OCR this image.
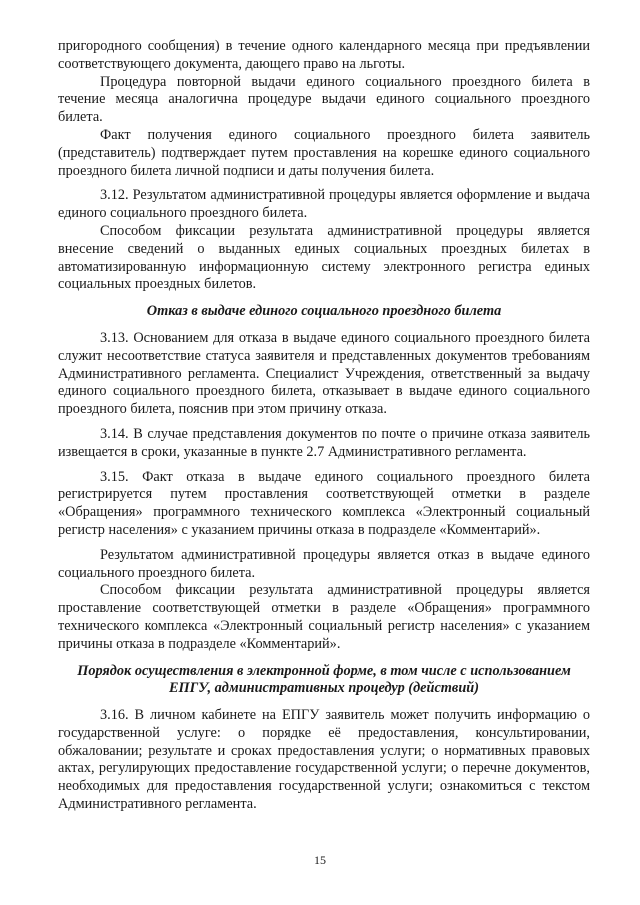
пригородного сообщения) в течение одного календарного месяца при предъявлении соответствующего документа, дающего право на льготы.

Процедура повторной выдачи единого социального проездного билета в течение месяца аналогична процедуре выдачи единого социального проездного билета.

Факт получения единого социального проездного билета заявитель (представитель) подтверждает путем проставления на корешке единого социального проездного билета личной подписи и даты получения билета.

3.12. Результатом административной процедуры является оформление и выдача единого социального проездного билета.

Способом фиксации результата административной процедуры является внесение сведений о выданных единых социальных проездных билетах в автоматизированную информационную систему электронного регистра единых социальных проездных билетов.

Отказ в выдаче единого социального проездного билета

3.13. Основанием для отказа в выдаче единого социального проездного билета служит несоответствие статуса заявителя и представленных документов требованиям Административного регламента. Специалист Учреждения, ответственный за выдачу единого социального проездного билета, отказывает в выдаче единого социального проездного билета, пояснив при этом причину отказа.

3.14. В случае представления документов по почте о причине отказа заявитель извещается в сроки, указанные в пункте 2.7 Административного регламента.

3.15. Факт отказа в выдаче единого социального проездного билета регистрируется путем проставления соответствующей отметки в разделе «Обращения» программного технического комплекса «Электронный социальный регистр населения» с указанием причины отказа в подразделе «Комментарий».

Результатом административной процедуры является отказ в выдаче единого социального проездного билета.

Способом фиксации результата административной процедуры является проставление соответствующей отметки в разделе «Обращения» программного технического комплекса «Электронный социальный регистр населения» с указанием причины отказа в подразделе «Комментарий».

Порядок осуществления в электронной форме, в том числе с использованием ЕПГУ, административных процедур (действий)

3.16. В личном кабинете на ЕПГУ заявитель может получить информацию о государственной услуге: о порядке её предоставления, консультировании, обжаловании; результате и сроках предоставления услуги; о нормативных правовых актах, регулирующих предоставление государственной услуги; о перечне документов, необходимых для предоставления государственной услуги; ознакомиться с текстом Административного регламента.

15
